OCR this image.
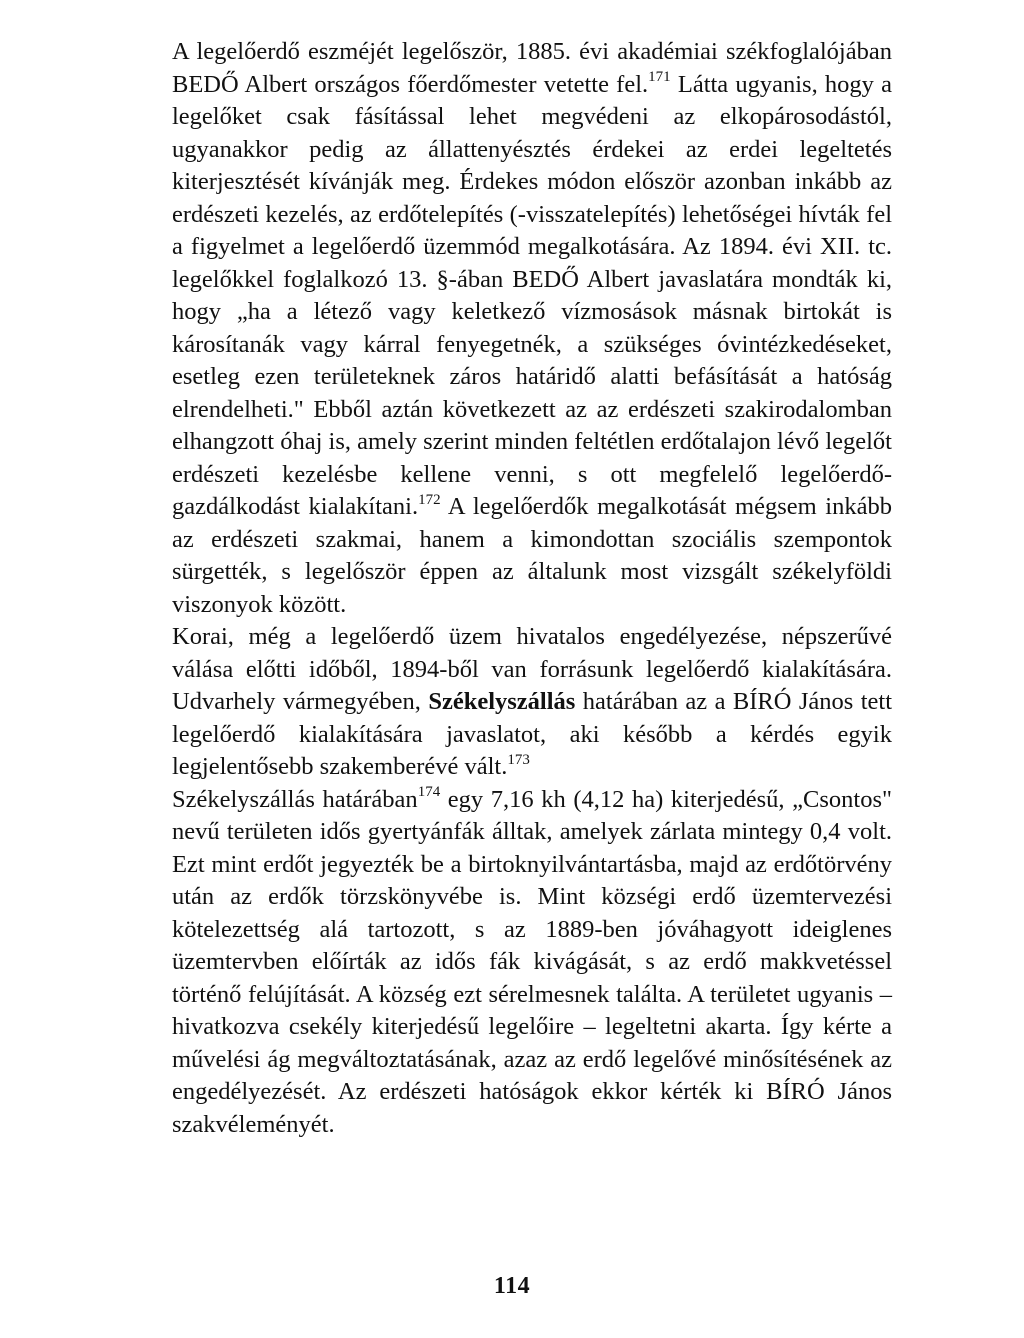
A legelőerdő eszméjét legelőször, 1885. évi akadémiai székfoglalójában BEDŐ Albert országos főerdőmester vetette fel.$^{171}$ Látta ugyanis, hogy a legelőket csak fásítással lehet megvédeni az elkopárosodástól, ugyanakkor pedig az állattenyésztés érdekei az erdei legeltetés kiterjesztését kívánják meg. Érdekes módon először azonban inkább az erdészeti kezelés, az erdőtelepítés (-visszatelepítés) lehetőségei hívták fel a figyelmet a legelőerdő üzemmód megalkotására. Az 1894. évi XII. tc. legelőkkel foglalkozó 13. §-ában BEDŐ Albert javaslatára mondták ki, hogy „ha a létező vagy keletkező vízmosások másnak birtokát is károsítanák vagy kárral fenyegetnék, a szükséges óvintézkedéseket, esetleg ezen területeknek záros határidő alatti befásítását a hatóság elrendelheti." Ebből aztán következett az az erdészeti szakirodalomban elhangzott óhaj is, amely szerint minden feltétlen erdőtalajon lévő legelőt erdészeti kezelésbe kellene venni, s ott megfelelő legelőerdő-gazdálkodást kialakítani.$^{172}$ A legelőerdők megalkotását mégsem inkább az erdészeti szakmai, hanem a kimondottan szociális szempontok sürgették, s legelőször éppen az általunk most vizsgált székelyföldi viszonyok között.

Korai, még a legelőerdő üzem hivatalos engedélyezése, népszerűvé válása előtti időből, 1894-ből van forrásunk legelőerdő kialakítására. Udvarhely vármegyében, Székelyszállás határában az a BÍRÓ János tett legelőerdő kialakítására javaslatot, aki később a kérdés egyik legjelentősebb szakemberévé vált.$^{173}$

Székelyszállás határában$^{174}$ egy 7,16 kh (4,12 ha) kiterjedésű, „Csontos" nevű területen idős gyertyánfák álltak, amelyek zárlata mintegy 0,4 volt. Ezt mint erdőt jegyezték be a birtoknyilvántartásba, majd az erdőtörvény után az erdők törzskönyvébe is. Mint községi erdő üzemtervezési kötelezettség alá tartozott, s az 1889-ben jóváhagyott ideiglenes üzemtervben előírták az idős fák kivágását, s az erdő makkvetéssel történő felújítását. A község ezt sérelmesnek találta. A területet ugyanis – hivatkozva csekély kiterjedésű legelőire – legeltetni akarta. Így kérte a művelési ág megváltoztatásának, azaz az erdő legelővé minősítésének az engedélyezését. Az erdészeti hatóságok ekkor kérték ki BÍRÓ János szakvéleményét.

114
